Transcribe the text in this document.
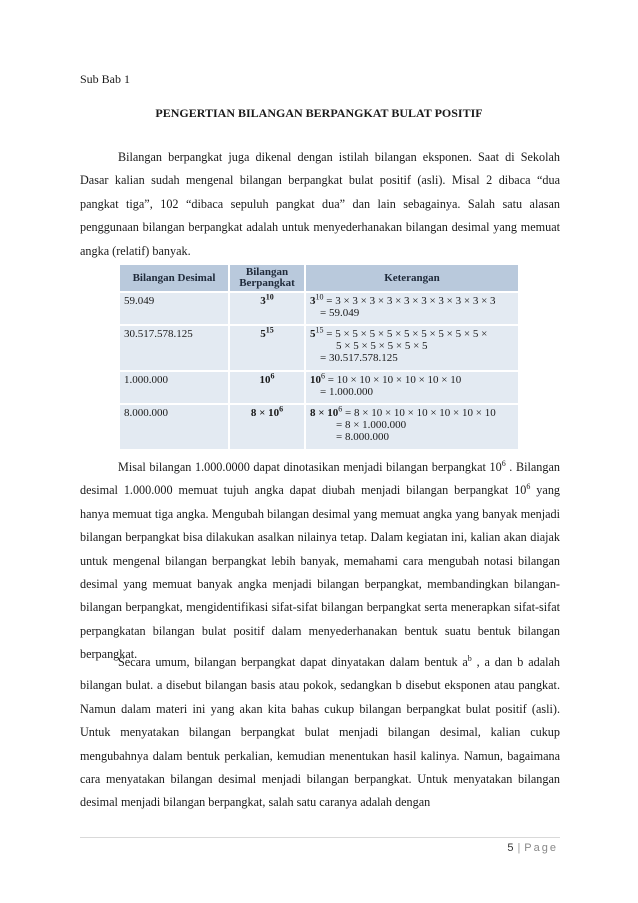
Sub Bab 1
PENGERTIAN BILANGAN BERPANGKAT BULAT POSITIF

Bilangan berpangkat juga dikenal dengan istilah bilangan eksponen. Saat di Sekolah Dasar kalian sudah mengenal bilangan berpangkat bulat positif (asli). Misal 2 dibaca “dua pangkat tiga”, 102 “dibaca sepuluh pangkat dua” dan lain sebagainya. Salah satu alasan penggunaan bilangan berpangkat adalah untuk menyederhanakan bilangan desimal yang memuat angka (relatif) banyak.

Bilangan Desimal	Bilangan Berpangkat	Keterangan
59.049	$3^{10}$	$3^{10} = 3 \times 3 \times 3 \times 3 \times 3 \times 3 \times 3 \times 3 \times 3 \times 3$
= 59.049

30.517.578.125	$5^{15}$	$5^{15} = 5 \times 5 \times 5 \times 5 \times 5 \times 5 \times 5 \times 5 \times 5$ ×
5 × 5 × 5 × 5 × 5 × 5
= 30.517.578.125

1.000.000	$10^6$	$10^6 = 10 \times 10 \times 10 \times 10 \times 10 \times 10$
= 1.000.000

8.000.000	$8 \times 10^6$	$8 \times 10^6 = 8 \times 10 \times 10 \times 10 \times 10 \times 10 \times 10$
= 8 × 1.000.000
= 8.000.000

Misal bilangan 1.000.0000 dapat dinotasikan menjadi bilangan berpangkat $10^6$ . Bilangan desimal 1.000.000 memuat tujuh angka dapat diubah menjadi bilangan berpangkat $10^6$ yang hanya memuat tiga angka. Mengubah bilangan desimal yang memuat angka yang banyak menjadi bilangan berpangkat bisa dilakukan asalkan nilainya tetap. Dalam kegiatan ini, kalian akan diajak untuk mengenal bilangan berpangkat lebih banyak, memahami cara mengubah notasi bilangan desimal yang memuat banyak angka menjadi bilangan berpangkat, membandingkan bilangan-bilangan berpangkat, mengidentifikasi sifat-sifat bilangan berpangkat serta menerapkan sifat-sifat perpangkatan bilangan bulat positif dalam menyederhanakan bentuk suatu bentuk bilangan berpangkat.

Secara umum, bilangan berpangkat dapat dinyatakan dalam bentuk $a^b$ , a dan b adalah bilangan bulat. a disebut bilangan basis atau pokok, sedangkan b disebut eksponen atau pangkat. Namun dalam materi ini yang akan kita bahas cukup bilangan berpangkat bulat positif (asli). Untuk menyatakan bilangan berpangkat bulat menjadi bilangan desimal, kalian cukup mengubahnya dalam bentuk perkalian, kemudian menentukan hasil kalinya. Namun, bagaimana cara menyatakan bilangan desimal menjadi bilangan berpangkat. Untuk menyatakan bilangan desimal menjadi bilangan berpangkat, salah satu caranya adalah dengan

5 | Page
